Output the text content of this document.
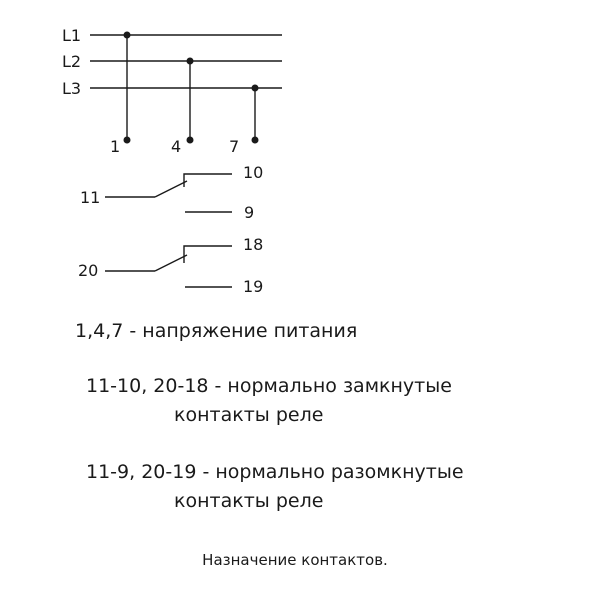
L1
L2
L3
1	4	7
11
10
9
20
18
19

1,4,7 - напряжение питания

11-10, 20-18 - нормально замкнутые

контакты реле

11-9, 20-19 - нормально разомкнутые

контакты реле

Назначение контактов.
